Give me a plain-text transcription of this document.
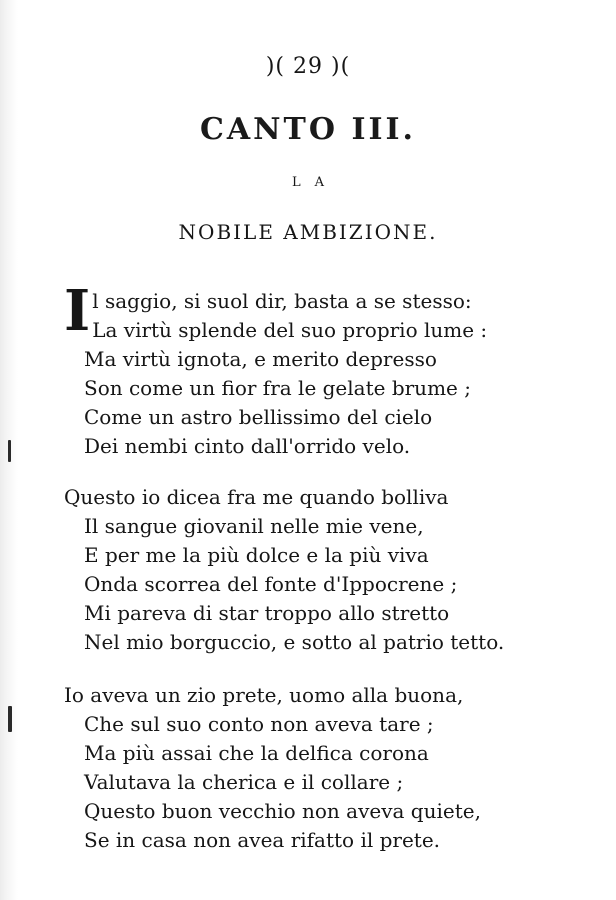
)( 29 )(
CANTO III.
LA
NOBILE AMBIZIONE.
I l saggio, si suol dir, basta a se stesso:
La virtù splende del suo proprio lume :
Ma virtù ignota, e merito depresso
Son come un fior fra le gelate brume ;
Come un astro bellissimo del cielo
Dei nembi cinto dall'orrido velo.
Questo io dicea fra me quando bolliva
Il sangue giovanil nelle mie vene,
E per me la più dolce e la più viva
Onda scorrea del fonte d'Ippocrene ;
Mi pareva di star troppo allo stretto
Nel mio borguccio, e sotto al patrio tetto.
Io aveva un zio prete, uomo alla buona,
Che sul suo conto non aveva tare ;
Ma più assai che la delfica corona
Valutava la cherica e il collare ;
Questo buon vecchio non aveva quiete,
Se in casa non avea rifatto il prete.
